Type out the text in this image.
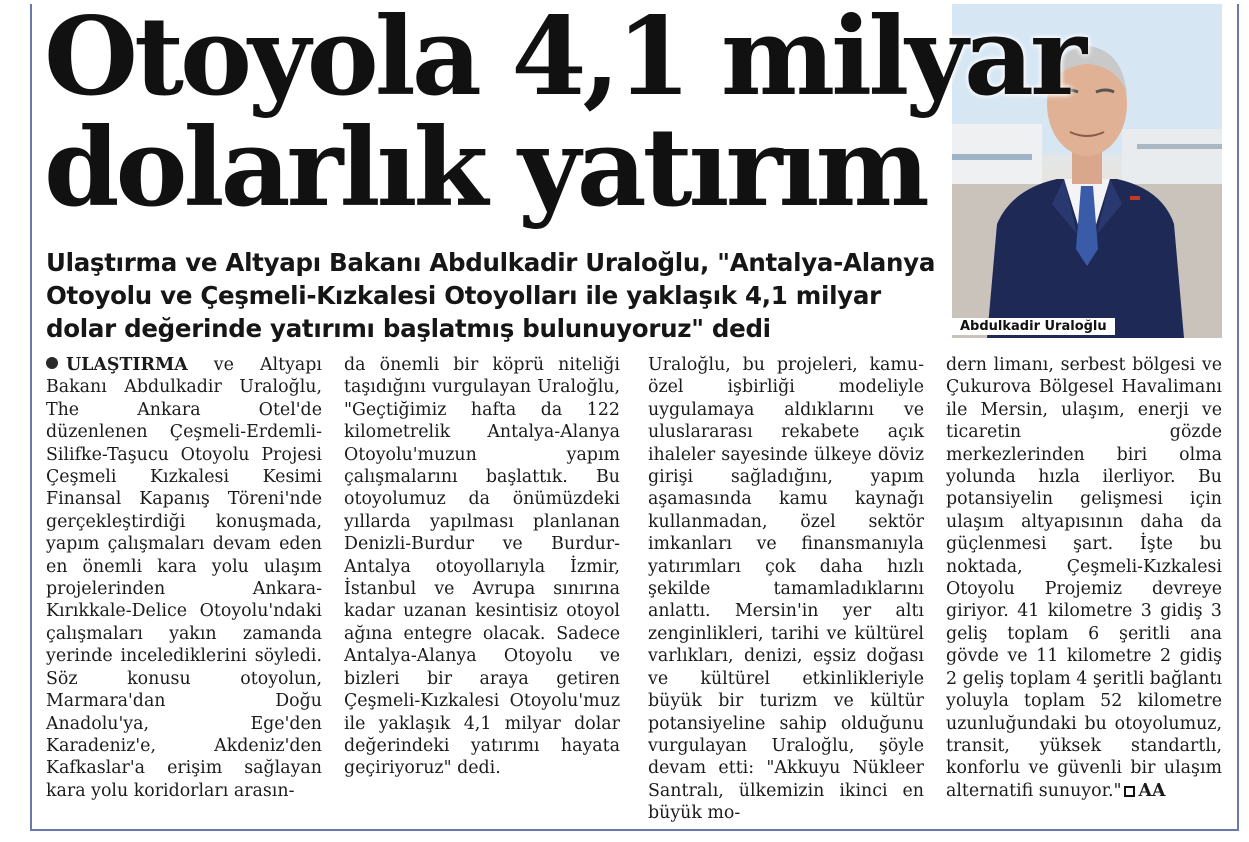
Otoyola 4,1 milyar
dolarlık yatırım
Abdulkadir Uraloğlu

Ulaştırma ve Altyapı Bakanı Abdulkadir Uraloğlu, "Antalya-Alanya Otoyolu ve Çeşmeli-Kızkalesi Otoyolları ile yaklaşık 4,1 milyar dolar değerinde yatırımı başlatmış bulunuyoruz" dedi

ULAŞTIRMA ve Altyapı Bakanı Abdulkadir Uraloğlu, The Ankara Otel'de düzenlenen Çeşmeli-Erdemli-Silifke-Taşucu Otoyolu Projesi Çeşmeli Kızkalesi Kesimi Finansal Kapanış Töreni'nde gerçekleştirdiği konuşmada, yapım çalışmaları devam eden en önemli kara yolu ulaşım projelerinden Ankara-Kırıkkale-Delice Otoyolu'ndaki çalışmaları yakın zamanda yerinde incelediklerini söyledi. Söz konusu otoyolun, Marmara'dan Doğu Anadolu'ya, Ege'den Karadeniz'e, Akdeniz'den Kafkaslar'a erişim sağlayan kara yolu koridorları arasın-

da önemli bir köprü niteliği taşıdığını vurgulayan Uraloğlu, "Geçtiğimiz hafta da 122 kilometrelik Antalya-Alanya Otoyolu'muzun yapım çalışmalarını başlattık. Bu otoyolumuz da önümüzdeki yıllarda yapılması planlanan Denizli-Burdur ve Burdur-Antalya otoyollarıyla İzmir, İstanbul ve Avrupa sınırına kadar uzanan kesintisiz otoyol ağına entegre olacak. Sadece Antalya-Alanya Otoyolu ve bizleri bir araya getiren Çeşmeli-Kızkalesi Otoyolu'muz ile yaklaşık 4,1 milyar dolar değerindeki yatırımı hayata geçiriyoruz" dedi.

Uraloğlu, bu projeleri, kamu-özel işbirliği modeliyle uygulamaya aldıklarını ve uluslararası rekabete açık ihaleler sayesinde ülkeye döviz girişi sağladığını, yapım aşamasında kamu kaynağı kullanmadan, özel sektör imkanları ve finansmanıyla yatırımları çok daha hızlı şekilde tamamladıklarını anlattı. Mersin'in yer altı zenginlikleri, tarihi ve kültürel varlıkları, denizi, eşsiz doğası ve kültürel etkinlikleriyle büyük bir turizm ve kültür potansiyeline sahip olduğunu vurgulayan Uraloğlu, şöyle devam etti: "Akkuyu Nükleer Santralı, ülkemizin ikinci en büyük mo-

dern limanı, serbest bölgesi ve Çukurova Bölgesel Havalimanı ile Mersin, ulaşım, enerji ve ticaretin gözde merkezlerinden biri olma yolunda hızla ilerliyor. Bu potansiyelin gelişmesi için ulaşım altyapısının daha da güçlenmesi şart. İşte bu noktada, Çeşmeli-Kızkalesi Otoyolu Projemiz devreye giriyor. 41 kilometre 3 gidiş 3 geliş toplam 6 şeritli ana gövde ve 11 kilometre 2 gidiş 2 geliş toplam 4 şeritli bağlantı yoluyla toplam 52 kilometre uzunluğundaki bu otoyolumuz, transit, yüksek standartlı, konforlu ve güvenli bir ulaşım alternatifi sunuyor." AA
